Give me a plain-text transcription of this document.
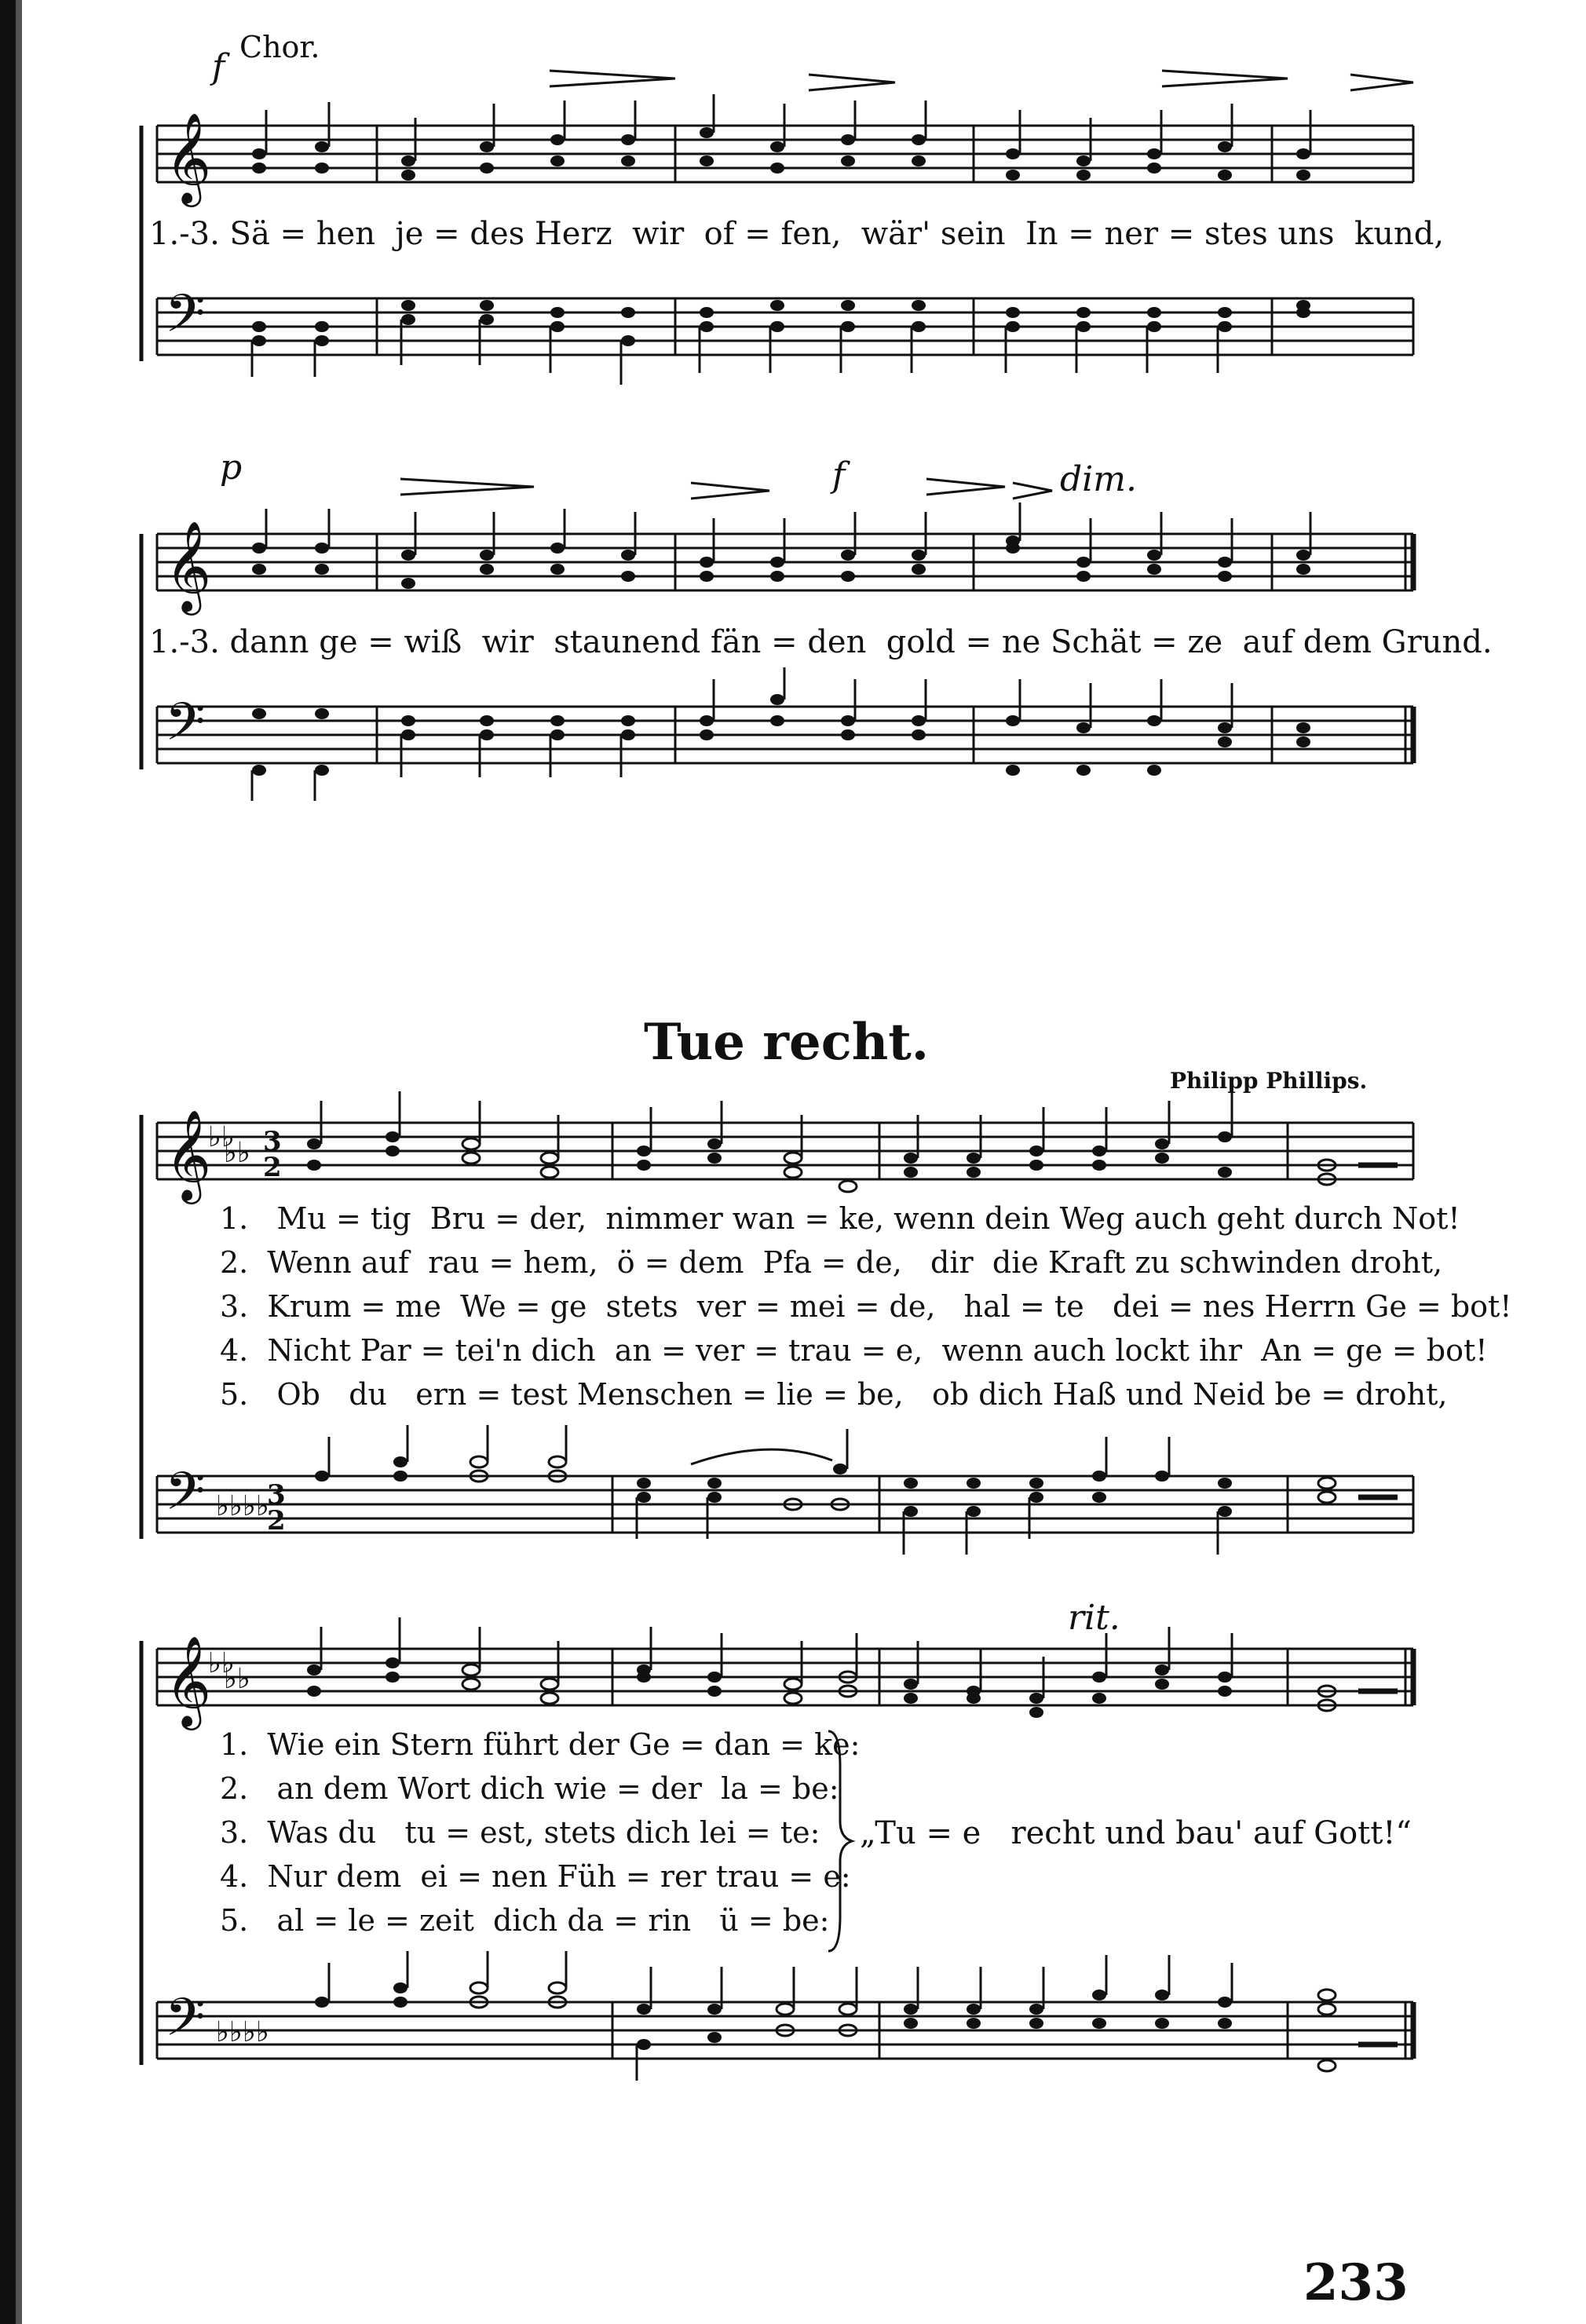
f Chor.
𝄞
1.-3. Sä = hen  je = des Herz  wir  of = fen,  wär' sein  In = ner = stes uns  kund,
𝄢
p	f	dim.
𝄞
1.-3. dann ge = wiß  wir  staunend fän = den  gold = ne Schät = ze  auf dem Grund.
𝄢
Tue recht.
Philipp Phillips.
𝄞
♭♭
♭♭ 3
2
1.   Mu = tig  Bru = der,  nimmer wan = ke, wenn dein Weg auch geht durch Not!
2.  Wenn auf  rau = hem,  ö = dem  Pfa = de,   dir  die Kraft zu schwinden droht,
3.  Krum = me  We = ge  stets  ver = mei = de,   hal = te   dei = nes Herrn Ge = bot!
4.  Nicht Par = tei'n dich  an = ver = trau = e,  wenn auch lockt ihr  An = ge = bot!
5.   Ob   du   ern = test Menschen = lie = be,   ob dich Haß und Neid be = droht,
𝄢 ♭♭♭♭
3
2
rit.
𝄞
♭♭
♭♭
1.  Wie ein Stern führt der Ge = dan = ke:
2.   an dem Wort dich wie = der  la = be:
3.  Was du   tu = est, stets dich lei = te:
4.  Nur dem  ei = nen Füh = rer trau = e:
5.   al = le = zeit  dich da = rin   ü = be:
„Tu = e   recht und bau' auf Gott!“
𝄢 ♭♭♭♭
233
